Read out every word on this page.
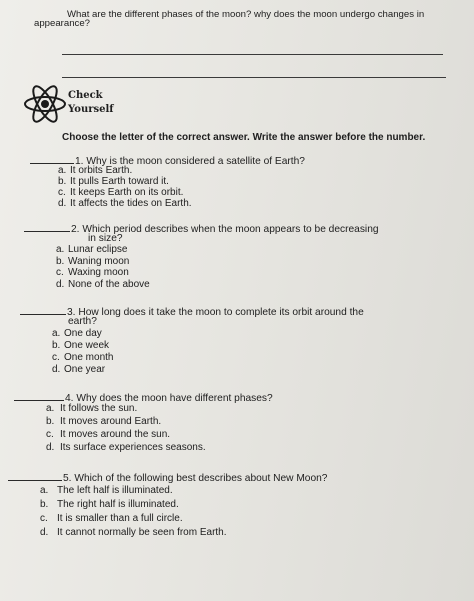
What are the different phases of the moon? why does the moon undergo changes in
appearance?
Check
Yourself
Choose the letter of the correct answer. Write the answer before the number.
1. Why is the moon considered a satellite of Earth?
a. It orbits Earth.
b. It pulls Earth toward it.
c. It keeps Earth on its orbit.
d. It affects the tides on Earth.
2. Which period describes when the moon appears to be decreasing
in size?
a. Lunar eclipse
b. Waning moon
c. Waxing moon
d. None of the above
3. How long does it take the moon to complete its orbit around the
earth?
a. One day
b. One week
c. One month
d. One year
4. Why does the moon have different phases?
a. It follows the sun.
b. It moves around Earth.
c. It moves around the sun.
d. Its surface experiences seasons.
5. Which of the following best describes about New Moon?
a. The left half is illuminated.
b. The right half is illuminated.
c. It is smaller than a full circle.
d. It cannot normally be seen from Earth.
